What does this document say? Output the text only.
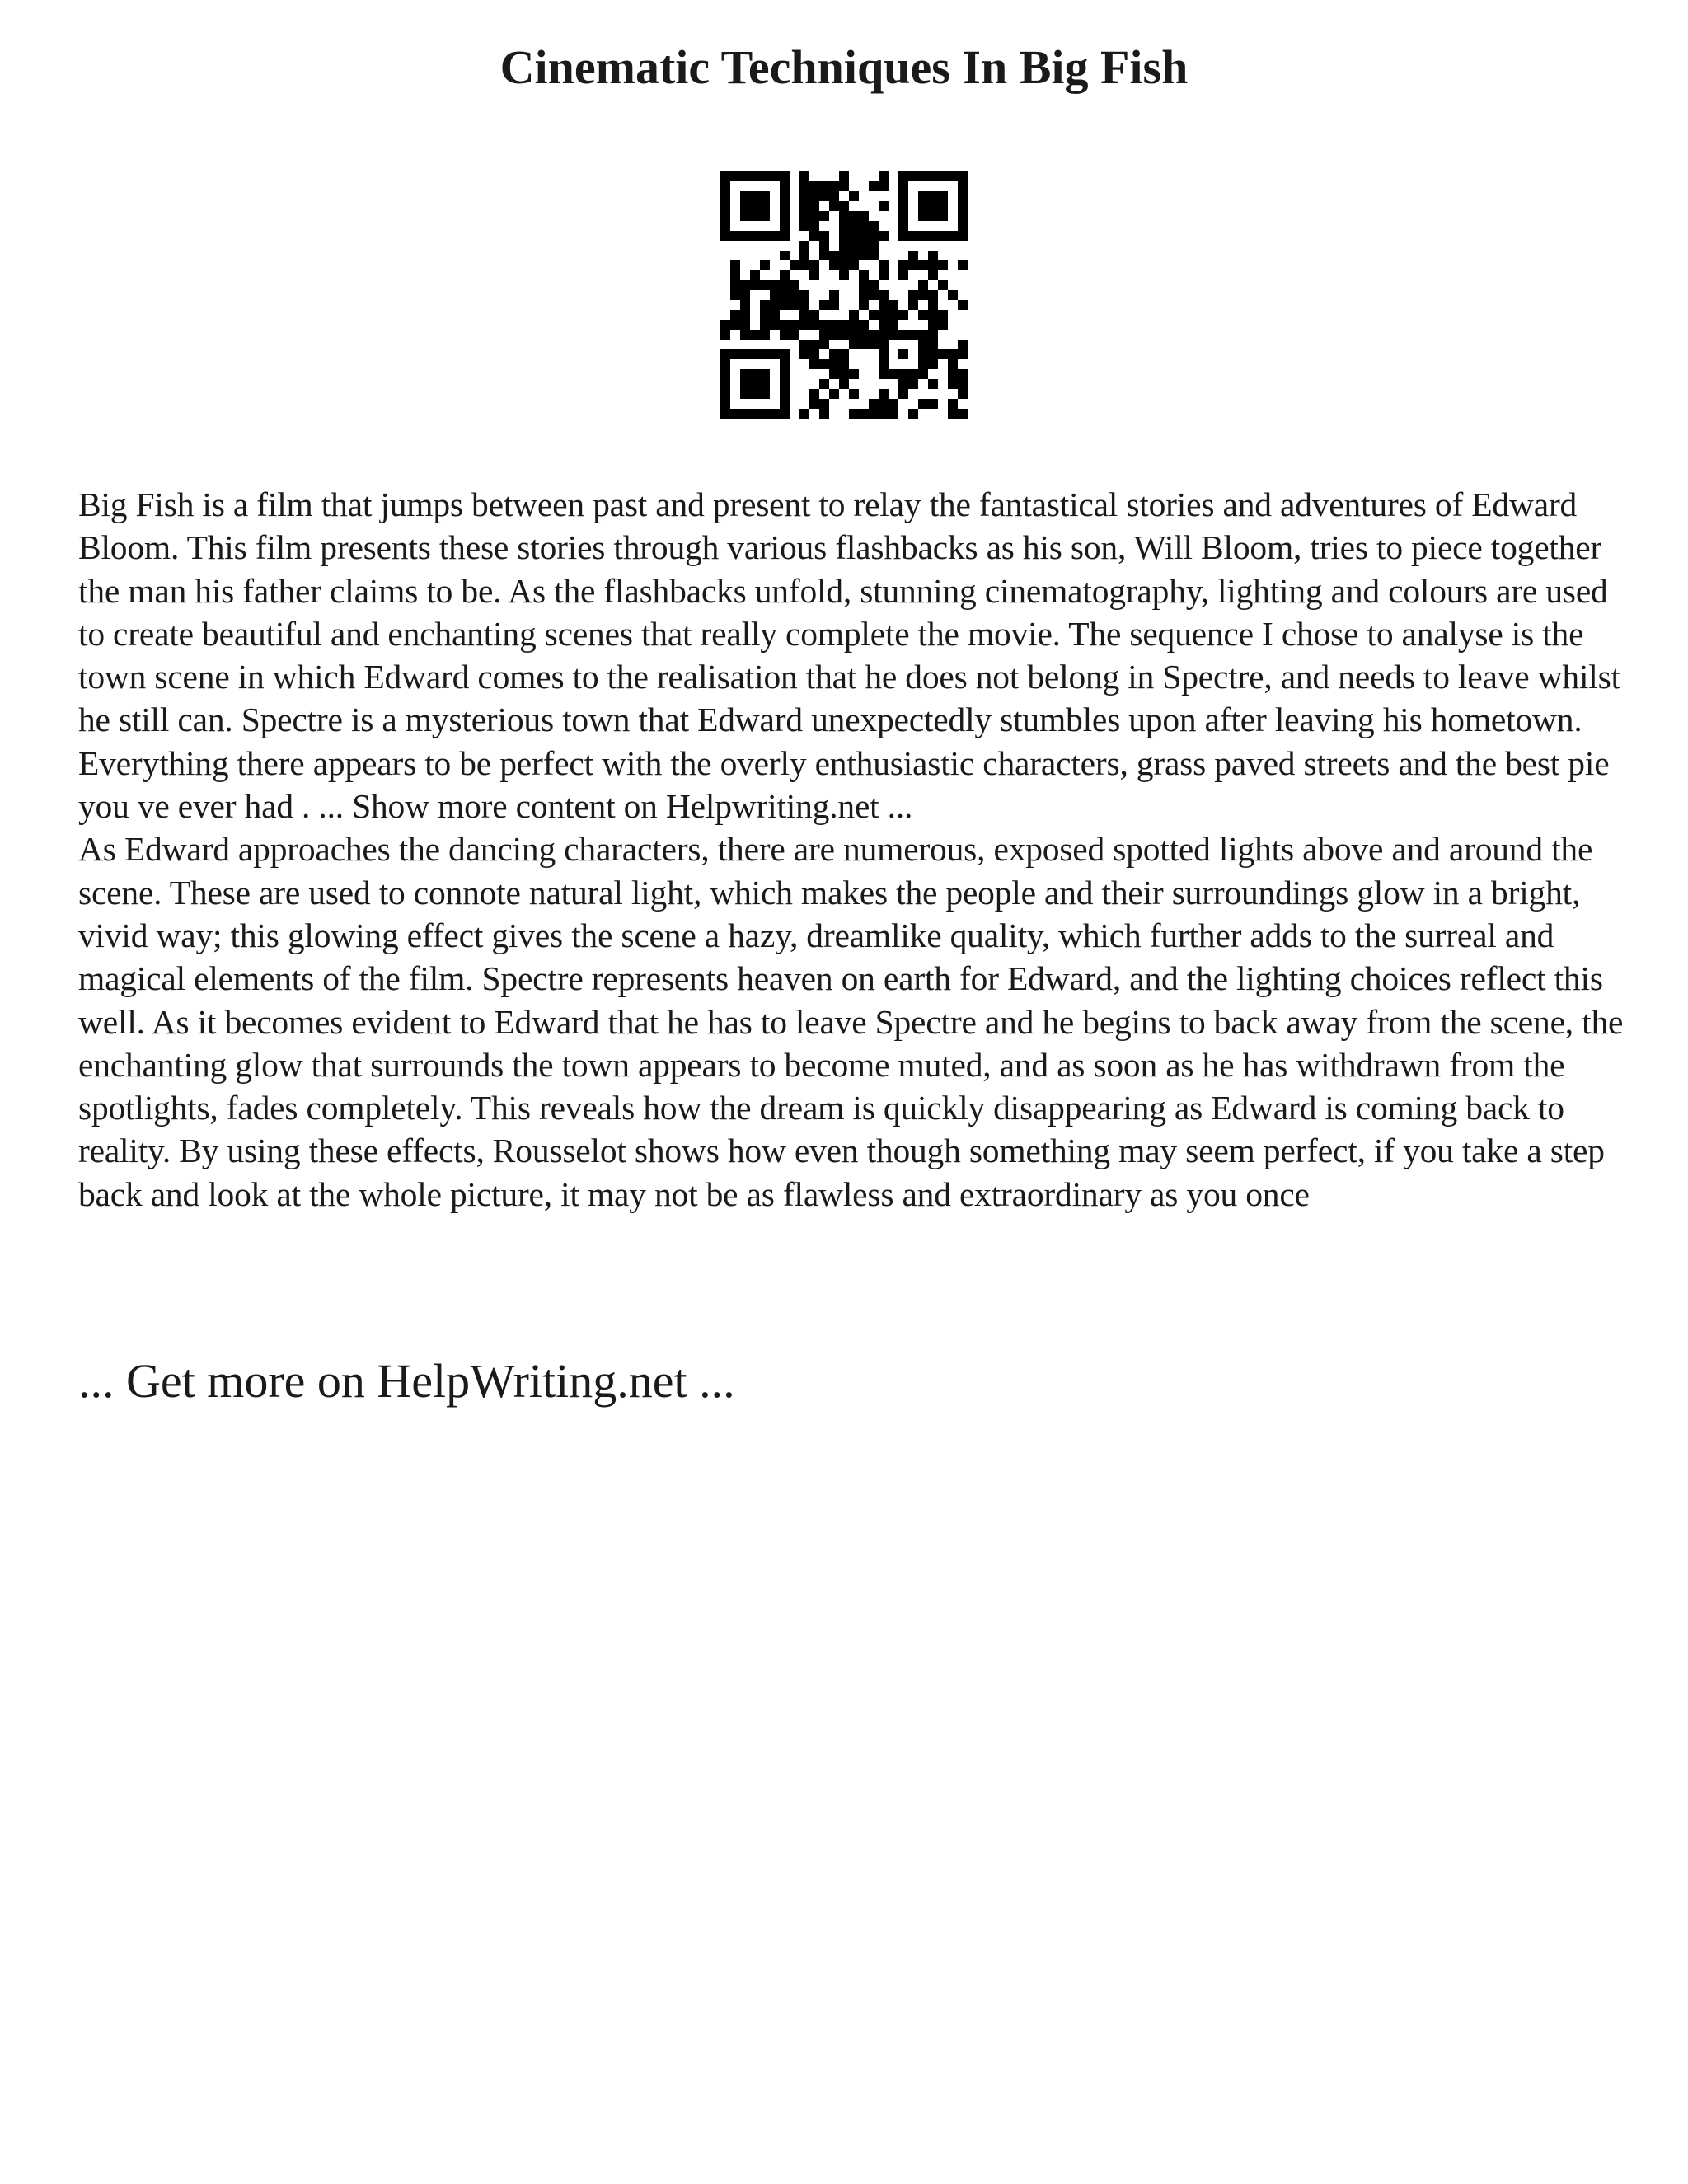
Cinematic Techniques In Big Fish

Big Fish is a film that jumps between past and present to relay the fantastical stories and adventures of Edward Bloom. This film presents these stories through various flashbacks as his son, Will Bloom, tries to piece together the man his father claims to be. As the flashbacks unfold, stunning cinematography, lighting and colours are used to create beautiful and enchanting scenes that really complete the movie. The sequence I chose to analyse is the town scene in which Edward comes to the realisation that he does not belong in Spectre, and needs to leave whilst he still can. Spectre is a mysterious town that Edward unexpectedly stumbles upon after leaving his hometown. Everything there appears to be perfect with the overly enthusiastic characters, grass paved streets and the best pie you ve ever had . ... Show more content on Helpwriting.net ...

As Edward approaches the dancing characters, there are numerous, exposed spotted lights above and around the scene. These are used to connote natural light, which makes the people and their surroundings glow in a bright, vivid way; this glowing effect gives the scene a hazy, dreamlike quality, which further adds to the surreal and magical elements of the film. Spectre represents heaven on earth for Edward, and the lighting choices reflect this well. As it becomes evident to Edward that he has to leave Spectre and he begins to back away from the scene, the enchanting glow that surrounds the town appears to become muted, and as soon as he has withdrawn from the spotlights, fades completely. This reveals how the dream is quickly disappearing as Edward is coming back to reality. By using these effects, Rousselot shows how even though something may seem perfect, if you take a step back and look at the whole picture, it may not be as flawless and extraordinary as you once

... Get more on HelpWriting.net ...
